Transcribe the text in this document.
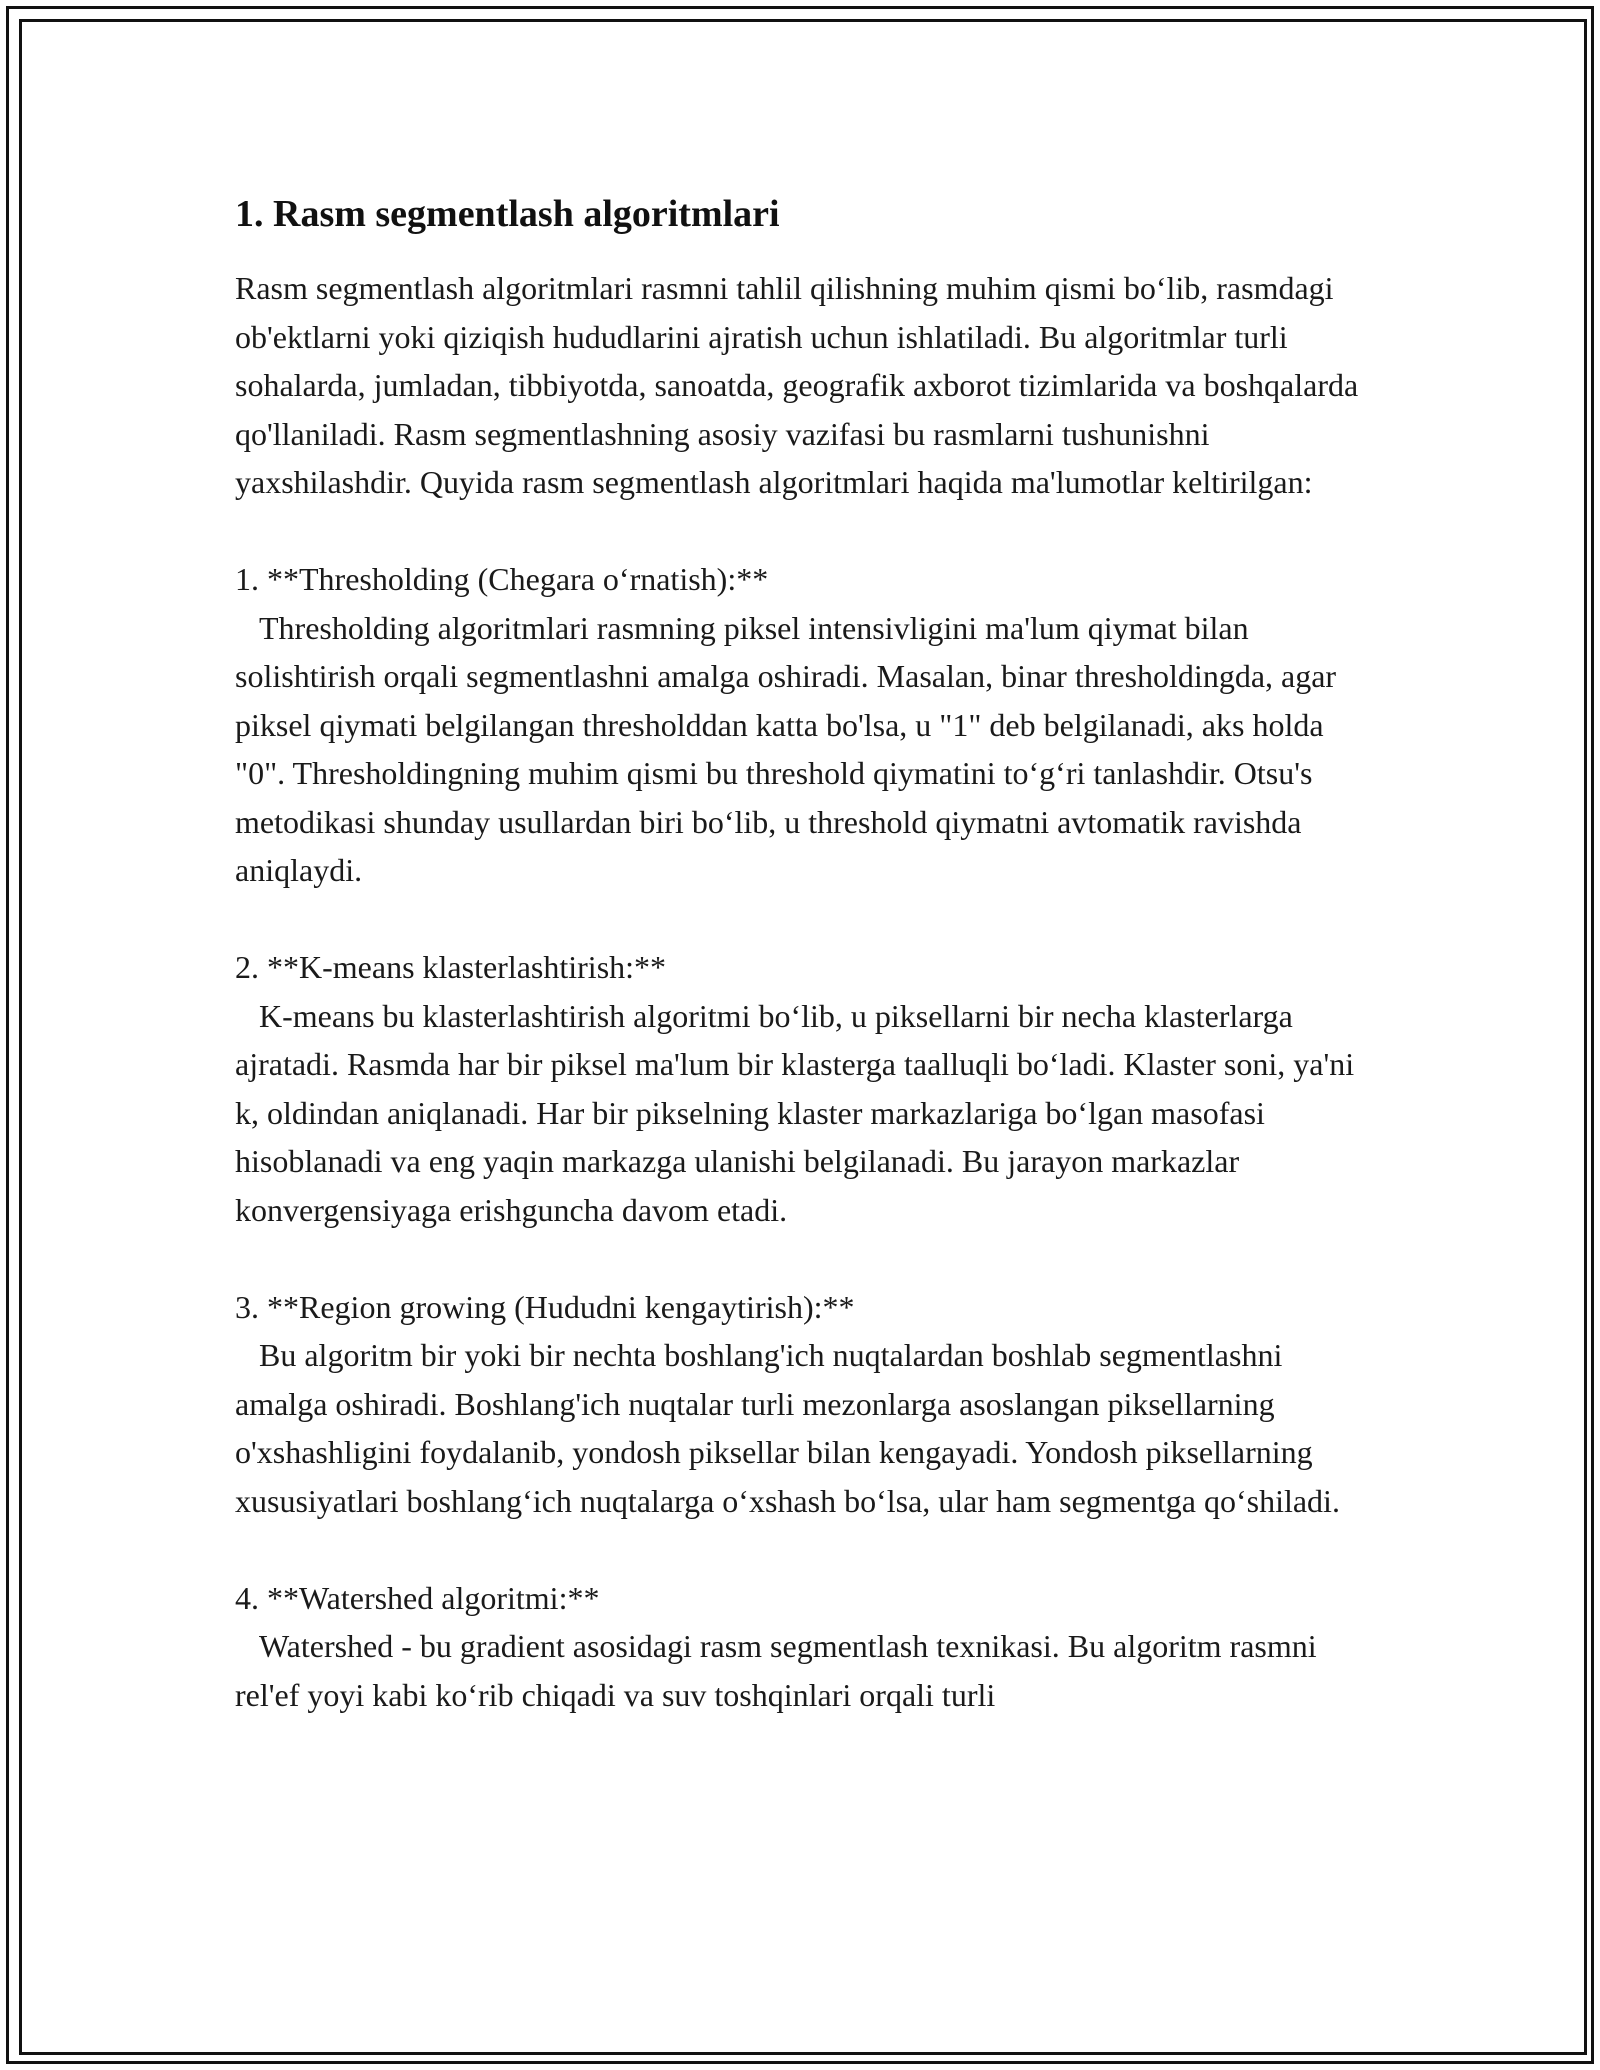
1. Rasm segmentlash algoritmlari

Rasm segmentlash algoritmlari rasmni tahlil qilishning muhim qismi bo‘lib, rasmdagi ob'ektlarni yoki qiziqish hududlarini ajratish uchun ishlatiladi. Bu algoritmlar turli sohalarda, jumladan, tibbiyotda, sanoatda, geografik axborot tizimlarida va boshqalarda qo'llaniladi. Rasm segmentlashning asosiy vazifasi bu rasmlarni tushunishni yaxshilashdir. Quyida rasm segmentlash algoritmlari haqida ma'lumotlar keltirilgan:

1. **Thresholding (Chegara o‘rnatish):**

Thresholding algoritmlari rasmning piksel intensivligini ma'lum qiymat bilan solishtirish orqali segmentlashni amalga oshiradi. Masalan, binar thresholdingda, agar piksel qiymati belgilangan thresholddan katta bo'lsa, u "1" deb belgilanadi, aks holda "0". Thresholdingning muhim qismi bu threshold qiymatini to‘g‘ri tanlashdir. Otsu's metodikasi shunday usullardan biri bo‘lib, u threshold qiymatni avtomatik ravishda aniqlaydi.

2. **K-means klasterlashtirish:**

K-means bu klasterlashtirish algoritmi bo‘lib, u piksellarni bir necha klasterlarga ajratadi. Rasmda har bir piksel ma'lum bir klasterga taalluqli bo‘ladi. Klaster soni, ya'ni k, oldindan aniqlanadi. Har bir pikselning klaster markazlariga bo‘lgan masofasi hisoblanadi va eng yaqin markazga ulanishi belgilanadi. Bu jarayon markazlar konvergensiyaga erishguncha davom etadi.

3. **Region growing (Hududni kengaytirish):**

Bu algoritm bir yoki bir nechta boshlang'ich nuqtalardan boshlab segmentlashni amalga oshiradi. Boshlang'ich nuqtalar turli mezonlarga asoslangan piksellarning o'xshashligini foydalanib, yondosh piksellar bilan kengayadi. Yondosh piksellarning xususiyatlari boshlang‘ich nuqtalarga o‘xshash bo‘lsa, ular ham segmentga qo‘shiladi.

4. **Watershed algoritmi:**

Watershed - bu gradient asosidagi rasm segmentlash texnikasi. Bu algoritm rasmni rel'ef yoyi kabi ko‘rib chiqadi va suv toshqinlari orqali turli
